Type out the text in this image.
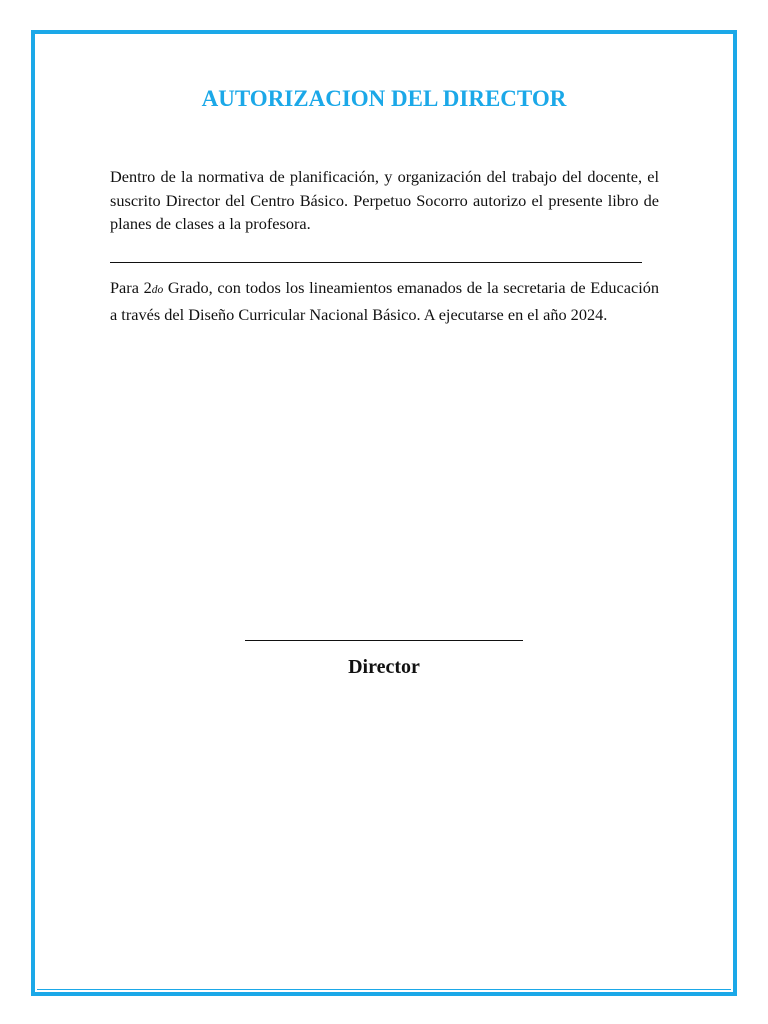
AUTORIZACION DEL DIRECTOR
Dentro de la normativa de planificación, y organización del trabajo del docente, el suscrito Director del Centro Básico. Perpetuo Socorro autorizo el presente libro de planes de clases a la profesora.
Para 2do Grado, con todos los lineamientos emanados de la secretaria de Educación a través del Diseño Curricular Nacional Básico. A ejecutarse en el año 2024.
Director
